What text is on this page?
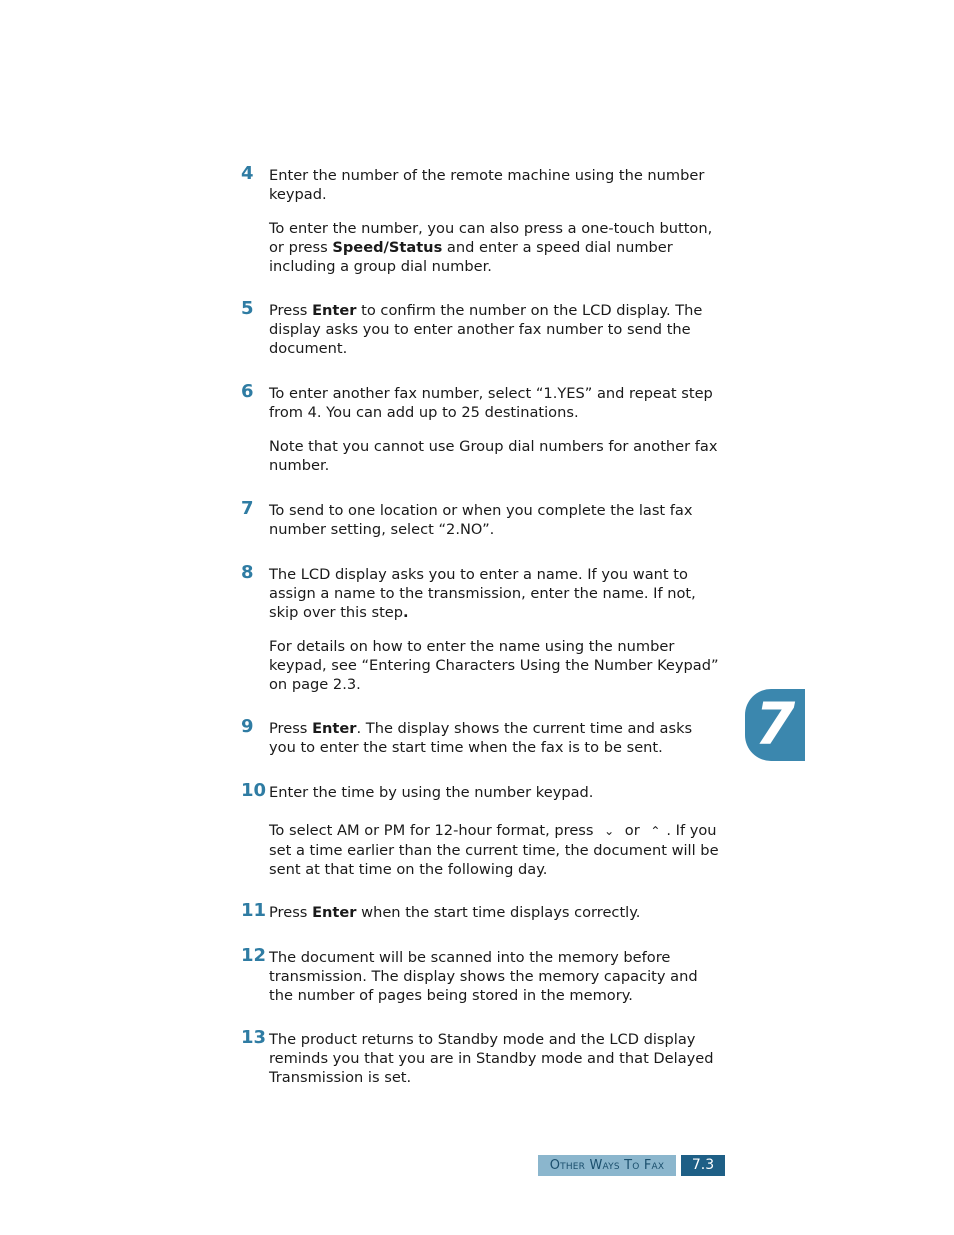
4 Enter the number of the remote machine using the number keypad.

To enter the number, you can also press a one-touch button, or press Speed/Status and enter a speed dial number including a group dial number.

5 Press Enter to confirm the number on the LCD display. The display asks you to enter another fax number to send the document.

6 To enter another fax number, select “1.YES” and repeat step from 4. You can add up to 25 destinations.

Note that you cannot use Group dial numbers for another fax number.

7 To send to one location or when you complete the last fax number setting, select “2.NO”.

8 The LCD display asks you to enter a name. If you want to assign a name to the transmission, enter the name. If not, skip over this step.

For details on how to enter the name using the number keypad, see “Entering Characters Using the Number Keypad” on page 2.3.

9 Press Enter. The display shows the current time and asks you to enter the start time when the fax is to be sent.

10 Enter the time by using the number keypad.

To select AM or PM for 12-hour format, press ⌄ or ⌃ . If you set a time earlier than the current time, the document will be sent at that time on the following day.

11 Press Enter when the start time displays correctly.

12 The document will be scanned into the memory before transmission. The display shows the memory capacity and the number of pages being stored in the memory.

13 The product returns to Standby mode and the LCD display reminds you that you are in Standby mode and that Delayed Transmission is set.

7
Other Ways To Fax	7.3
